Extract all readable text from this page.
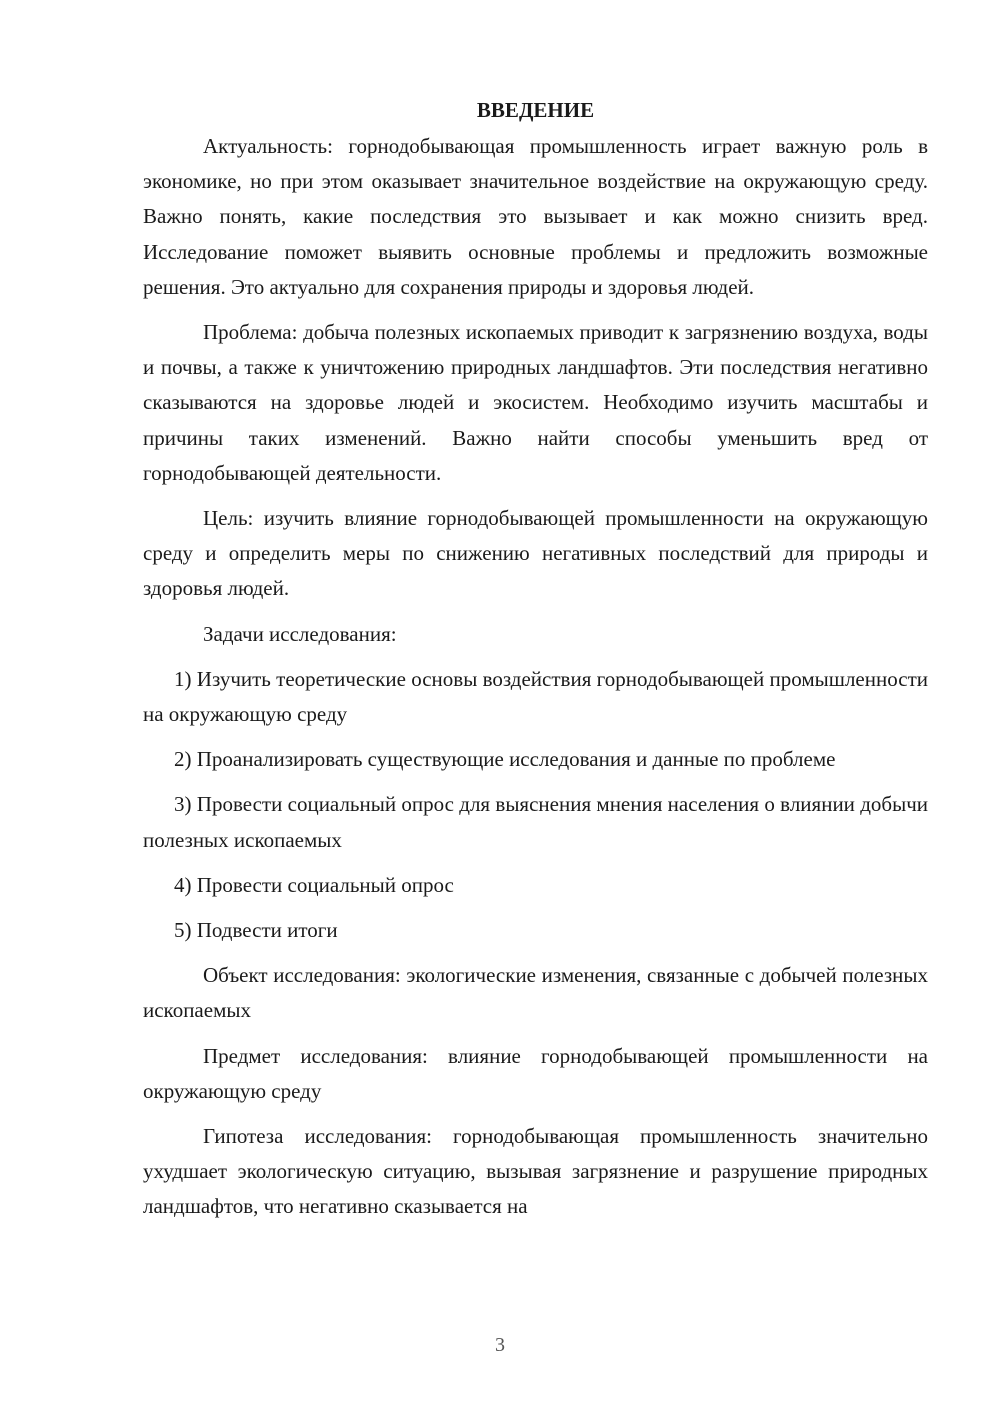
ВВЕДЕНИЕ

Актуальность: горнодобывающая промышленность играет важную роль в экономике, но при этом оказывает значительное воздействие на окружающую среду. Важно понять, какие последствия это вызывает и как можно снизить вред. Исследование поможет выявить основные проблемы и предложить возможные решения. Это актуально для сохранения природы и здоровья людей.

Проблема: добыча полезных ископаемых приводит к загрязнению воздуха, воды и почвы, а также к уничтожению природных ландшафтов. Эти последствия негативно сказываются на здоровье людей и экосистем. Необходимо изучить масштабы и причины таких изменений. Важно найти способы уменьшить вред от горнодобывающей деятельности.

Цель: изучить влияние горнодобывающей промышленности на окружающую среду и определить меры по снижению негативных последствий для природы и здоровья людей.

Задачи исследования:

1) Изучить теоретические основы воздействия горнодобывающей промышленности на окружающую среду

2) Проанализировать существующие исследования и данные по проблеме

3) Провести социальный опрос для выяснения мнения населения о влиянии добычи полезных ископаемых

4) Провести социальный опрос

5) Подвести итоги

Объект исследования: экологические изменения, связанные с добычей полезных ископаемых

Предмет исследования: влияние горнодобывающей промышленности на окружающую среду

Гипотеза исследования: горнодобывающая промышленность значительно ухудшает экологическую ситуацию, вызывая загрязнение и разрушение природных ландшафтов, что негативно сказывается на

3
